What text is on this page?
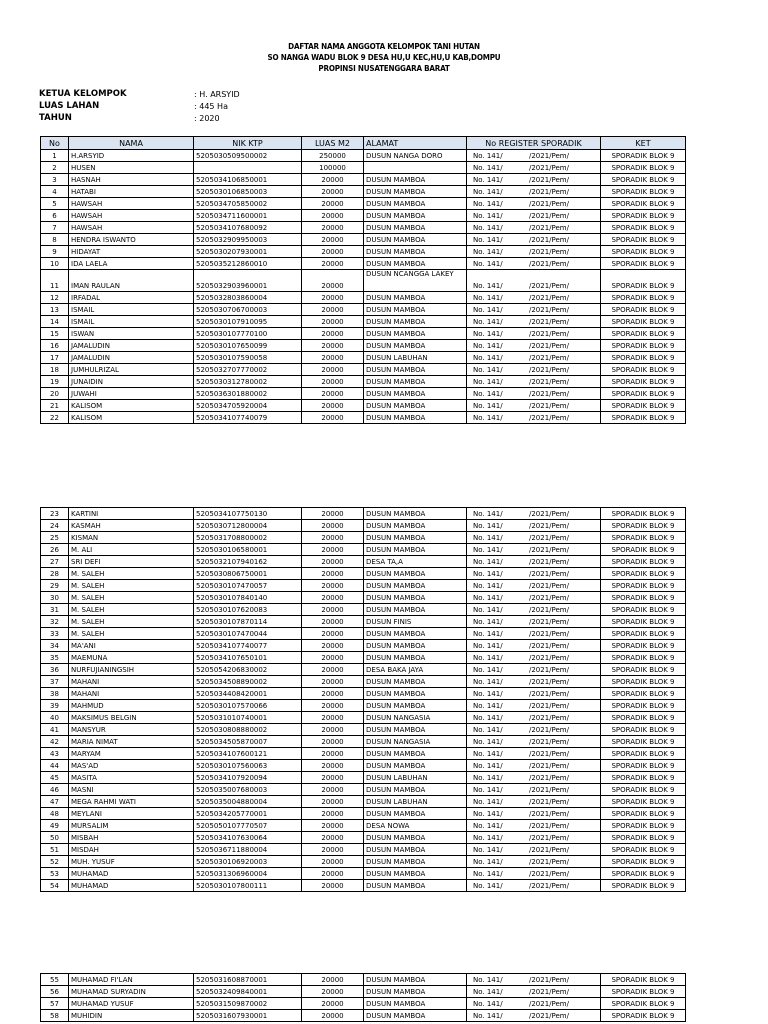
DAFTAR NAMA ANGGOTA KELOMPOK TANI HUTAN
SO NANGA WADU BLOK 9 DESA HU,U KEC,HU,U KAB,DOMPU
PROPINSI NUSATENGGARA BARAT
KETUA KELOMPOK	: H. ARSYID
LUAS LAHAN	: 445 Ha
TAHUN	: 2020
No	NAMA	NIK KTP	LUAS M2	ALAMAT	No REGISTER SPORADIK	KET
1	H.ARSYID	5205030509500002	250000	DUSUN NANGA DORO	No. 141/ /2021/Pem/	SPORADIK BLOK 9
2	HUSEN		100000		No. 141/ /2021/Pem/	SPORADIK BLOK 9
3	HASNAH	5205034106850001	20000	DUSUN MAMBOA	No. 141/ /2021/Pem/	SPORADIK BLOK 9
4	HATABI	5205030106850003	20000	DUSUN MAMBOA	No. 141/ /2021/Pem/	SPORADIK BLOK 9
5	HAWSAH	5205034705850002	20000	DUSUN MAMBOA	No. 141/ /2021/Pem/	SPORADIK BLOK 9
6	HAWSAH	5205034711600001	20000	DUSUN MAMBOA	No. 141/ /2021/Pem/	SPORADIK BLOK 9
7	HAWSAH	5205034107680092	20000	DUSUN MAMBOA	No. 141/ /2021/Pem/	SPORADIK BLOK 9
8	HENDRA ISWANTO	5205032909950003	20000	DUSUN MAMBOA	No. 141/ /2021/Pem/	SPORADIK BLOK 9
9	HIDAYAT	5205030207930001	20000	DUSUN MAMBOA	No. 141/ /2021/Pem/	SPORADIK BLOK 9
10	IDA LAELA	5205035212860010	20000	DUSUN MAMBOA	No. 141/ /2021/Pem/	SPORADIK BLOK 9
11	IMAN RAULAN	5205032903960001	20000	DUSUN NCANGGA LAKEY	No. 141/ /2021/Pem/	SPORADIK BLOK 9
12	IRFADAL	5205032803860004	20000	DUSUN MAMBOA	No. 141/ /2021/Pem/	SPORADIK BLOK 9
13	ISMAIL	5205030706700003	20000	DUSUN MAMBOA	No. 141/ /2021/Pem/	SPORADIK BLOK 9
14	ISMAIL	5205030107910095	20000	DUSUN MAMBOA	No. 141/ /2021/Pem/	SPORADIK BLOK 9
15	ISWAN	5205030107770100	20000	DUSUN MAMBOA	No. 141/ /2021/Pem/	SPORADIK BLOK 9
16	JAMALUDIN	5205030107650099	20000	DUSUN MAMBOA	No. 141/ /2021/Pem/	SPORADIK BLOK 9
17	JAMALUDIN	5205030107590058	20000	DUSUN LABUHAN	No. 141/ /2021/Pem/	SPORADIK BLOK 9
18	JUMHULRIZAL	5205032707770002	20000	DUSUN MAMBOA	No. 141/ /2021/Pem/	SPORADIK BLOK 9
19	JUNAIDIN	5205030312780002	20000	DUSUN MAMBOA	No. 141/ /2021/Pem/	SPORADIK BLOK 9
20	JUWAHI	5205036301880002	20000	DUSUN MAMBOA	No. 141/ /2021/Pem/	SPORADIK BLOK 9
21	KALISOM	5205034705920004	20000	DUSUN MAMBOA	No. 141/ /2021/Pem/	SPORADIK BLOK 9
22	KALISOM	5205034107740079	20000	DUSUN MAMBOA	No. 141/ /2021/Pem/	SPORADIK BLOK 9
23	KARTINI	5205034107750130	20000	DUSUN MAMBOA	No. 141/ /2021/Pem/	SPORADIK BLOK 9
24	KASMAH	5205030712800004	20000	DUSUN MAMBOA	No. 141/ /2021/Pem/	SPORADIK BLOK 9
25	KISMAN	5205031708800002	20000	DUSUN MAMBOA	No. 141/ /2021/Pem/	SPORADIK BLOK 9
26	M. ALI	5205030106580001	20000	DUSUN MAMBOA	No. 141/ /2021/Pem/	SPORADIK BLOK 9
27	SRI DEFI	5205032107940162	20000	DESA TA,A	No. 141/ /2021/Pem/	SPORADIK BLOK 9
28	M. SALEH	5205030806750001	20000	DUSUN MAMBOA	No. 141/ /2021/Pem/	SPORADIK BLOK 9
29	M. SALEH	5205030107470057	20000	DUSUN MAMBOA	No. 141/ /2021/Pem/	SPORADIK BLOK 9
30	M. SALEH	5205030107840140	20000	DUSUN MAMBOA	No. 141/ /2021/Pem/	SPORADIK BLOK 9
31	M. SALEH	5205030107620083	20000	DUSUN MAMBOA	No. 141/ /2021/Pem/	SPORADIK BLOK 9
32	M. SALEH	5205030107870114	20000	DUSUN FINIS	No. 141/ /2021/Pem/	SPORADIK BLOK 9
33	M. SALEH	5205030107470044	20000	DUSUN MAMBOA	No. 141/ /2021/Pem/	SPORADIK BLOK 9
34	MA'ANI	5205034107740077	20000	DUSUN MAMBOA	No. 141/ /2021/Pem/	SPORADIK BLOK 9
35	MAEMUNA	5205034107650101	20000	DUSUN MAMBOA	No. 141/ /2021/Pem/	SPORADIK BLOK 9
36	NURFUJIANINGSIH	5205054206830002	20000	DESA BAKA JAYA	No. 141/ /2021/Pem/	SPORADIK BLOK 9
37	MAHANI	5205034508890002	20000	DUSUN MAMBOA	No. 141/ /2021/Pem/	SPORADIK BLOK 9
38	MAHANI	5205034408420001	20000	DUSUN MAMBOA	No. 141/ /2021/Pem/	SPORADIK BLOK 9
39	MAHMUD	5205030107570066	20000	DUSUN MAMBOA	No. 141/ /2021/Pem/	SPORADIK BLOK 9
40	MAKSIMUS BELGIN	5205031010740001	20000	DUSUN NANGASIA	No. 141/ /2021/Pem/	SPORADIK BLOK 9
41	MANSYUR	5205030808880002	20000	DUSUN MAMBOA	No. 141/ /2021/Pem/	SPORADIK BLOK 9
42	MARIA NIMAT	5205034505870007	20000	DUSUN NANGASIA	No. 141/ /2021/Pem/	SPORADIK BLOK 9
43	MARYAM	5205034107600121	20000	DUSUN MAMBOA	No. 141/ /2021/Pem/	SPORADIK BLOK 9
44	MAS'AD	5205030107560063	20000	DUSUN MAMBOA	No. 141/ /2021/Pem/	SPORADIK BLOK 9
45	MASITA	5205034107920094	20000	DUSUN LABUHAN	No. 141/ /2021/Pem/	SPORADIK BLOK 9
46	MASNI	5205035007680003	20000	DUSUN MAMBOA	No. 141/ /2021/Pem/	SPORADIK BLOK 9
47	MEGA RAHMI WATI	5205035004880004	20000	DUSUN LABUHAN	No. 141/ /2021/Pem/	SPORADIK BLOK 9
48	MEYLANI	5205034205770001	20000	DUSUN MAMBOA	No. 141/ /2021/Pem/	SPORADIK BLOK 9
49	MURSALIM	5205050107770507	20000	DESA NOWA	No. 141/ /2021/Pem/	SPORADIK BLOK 9
50	MISBAH	5205034107630064	20000	DUSUN MAMBOA	No. 141/ /2021/Pem/	SPORADIK BLOK 9
51	MISDAH	5205036711880004	20000	DUSUN MAMBOA	No. 141/ /2021/Pem/	SPORADIK BLOK 9
52	MUH. YUSUF	5205030106920003	20000	DUSUN MAMBOA	No. 141/ /2021/Pem/	SPORADIK BLOK 9
53	MUHAMAD	5205031306960004	20000	DUSUN MAMBOA	No. 141/ /2021/Pem/	SPORADIK BLOK 9
54	MUHAMAD	5205030107800111	20000	DUSUN MAMBOA	No. 141/ /2021/Pem/	SPORADIK BLOK 9
55	MUHAMAD FI'LAN	5205031608870001	20000	DUSUN MAMBOA	No. 141/ /2021/Pem/	SPORADIK BLOK 9
56	MUHAMAD SURYADIN	5205032409840001	20000	DUSUN MAMBOA	No. 141/ /2021/Pem/	SPORADIK BLOK 9
57	MUHAMAD YUSUF	5205031509870002	20000	DUSUN MAMBOA	No. 141/ /2021/Pem/	SPORADIK BLOK 9
58	MUHIDIN	5205031607930001	20000	DUSUN MAMBOA	No. 141/ /2021/Pem/	SPORADIK BLOK 9
